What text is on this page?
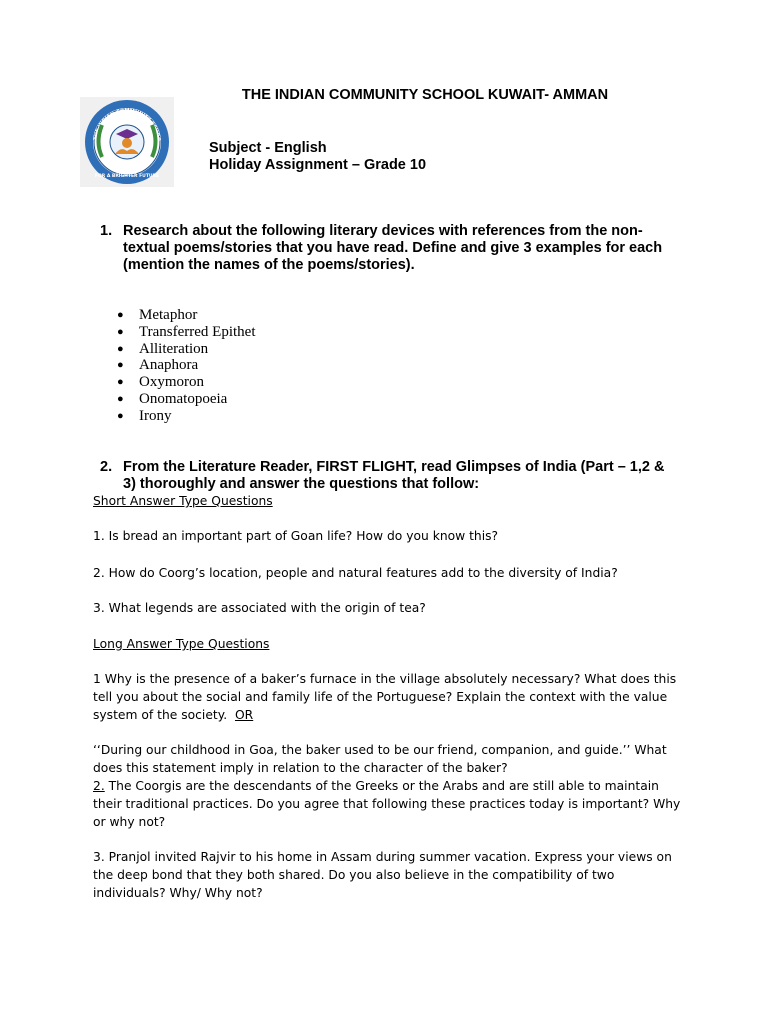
THE INDIAN COMMUNITY SCHOOL KUWAIT- AMMAN
THE INDIAN COMMUNITY SCHOO
FOR A BRIGHTER FUTURE
Subject - English
Holiday Assignment – Grade 10
1. Research about the following literary devices with references from the non-textual poems/stories that you have read. Define and give 3 examples for each (mention the names of the poems/stories).
● Metaphor
● Transferred Epithet
● Alliteration
● Anaphora
● Oxymoron
● Onomatopoeia
● Irony
2. From the Literature Reader, FIRST FLIGHT, read Glimpses of India (Part – 1,2 & 3) thoroughly and answer the questions that follow:
Short Answer Type Questions
1. Is bread an important part of Goan life? How do you know this?
2. How do Coorg’s location, people and natural features add to the diversity of India?
3. What legends are associated with the origin of tea?
Long Answer Type Questions
1 Why is the presence of a baker’s furnace in the village absolutely necessary? What does this tell you about the social and family life of the Portuguese? Explain the context with the value system of the society. OR
‘‘During our childhood in Goa, the baker used to be our friend, companion, and guide.’’ What does this statement imply in relation to the character of the baker?
2. The Coorgis are the descendants of the Greeks or the Arabs and are still able to maintain their traditional practices. Do you agree that following these practices today is important? Why or why not?
3. Pranjol invited Rajvir to his home in Assam during summer vacation. Express your views on the deep bond that they both shared. Do you also believe in the compatibility of two individuals? Why/ Why not?
